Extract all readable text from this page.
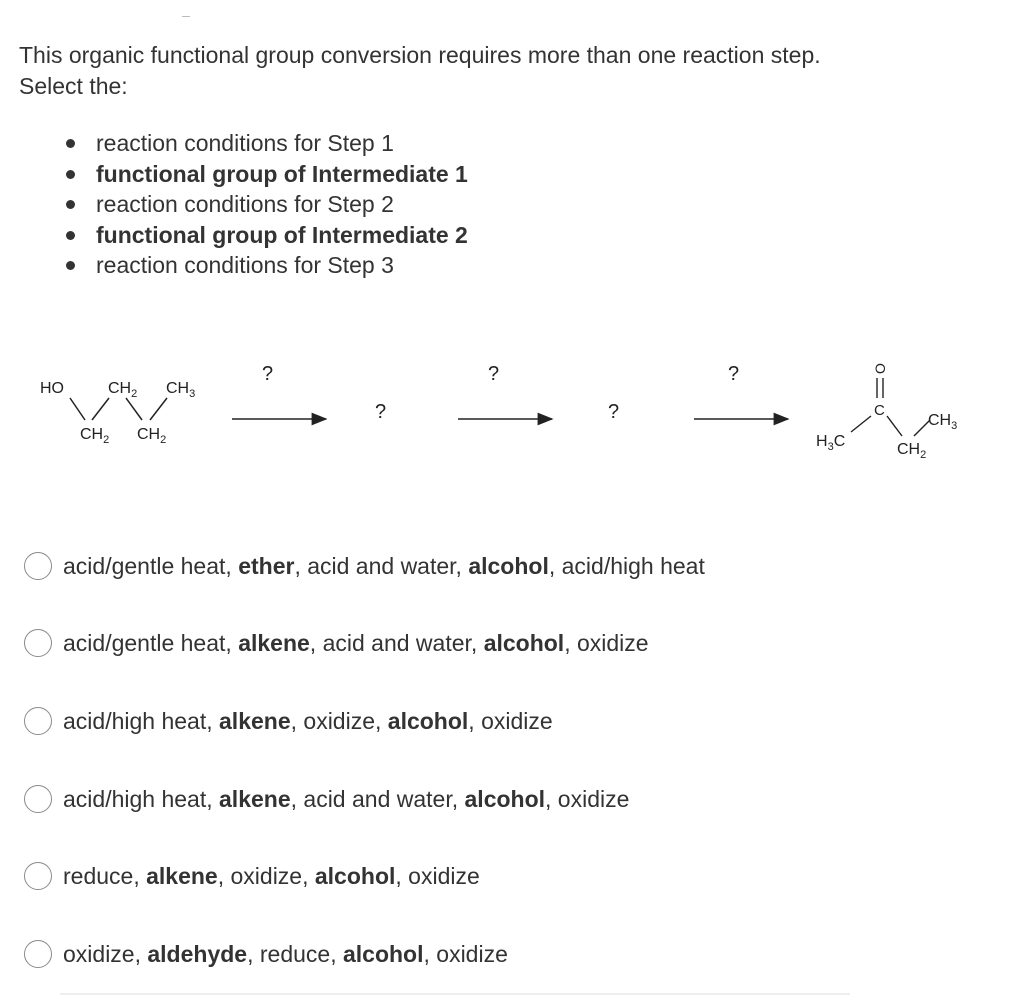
This organic functional group conversion requires more than one reaction step.
Select the:
reaction conditions for Step 1
functional group of Intermediate 1
reaction conditions for Step 2
functional group of Intermediate 2
reaction conditions for Step 3
HO	$CH_2$ $CH_3$
$CH_2$ $CH_2$
?
?
?
?
?	O
C
$H_3C$	$CH_2$
$CH_3$
acid/gentle heat, ether, acid and water, alcohol, acid/high heat
acid/gentle heat, alkene, acid and water, alcohol, oxidize
acid/high heat, alkene, oxidize, alcohol, oxidize
acid/high heat, alkene, acid and water, alcohol, oxidize
reduce, alkene, oxidize, alcohol, oxidize
oxidize, aldehyde, reduce, alcohol, oxidize
